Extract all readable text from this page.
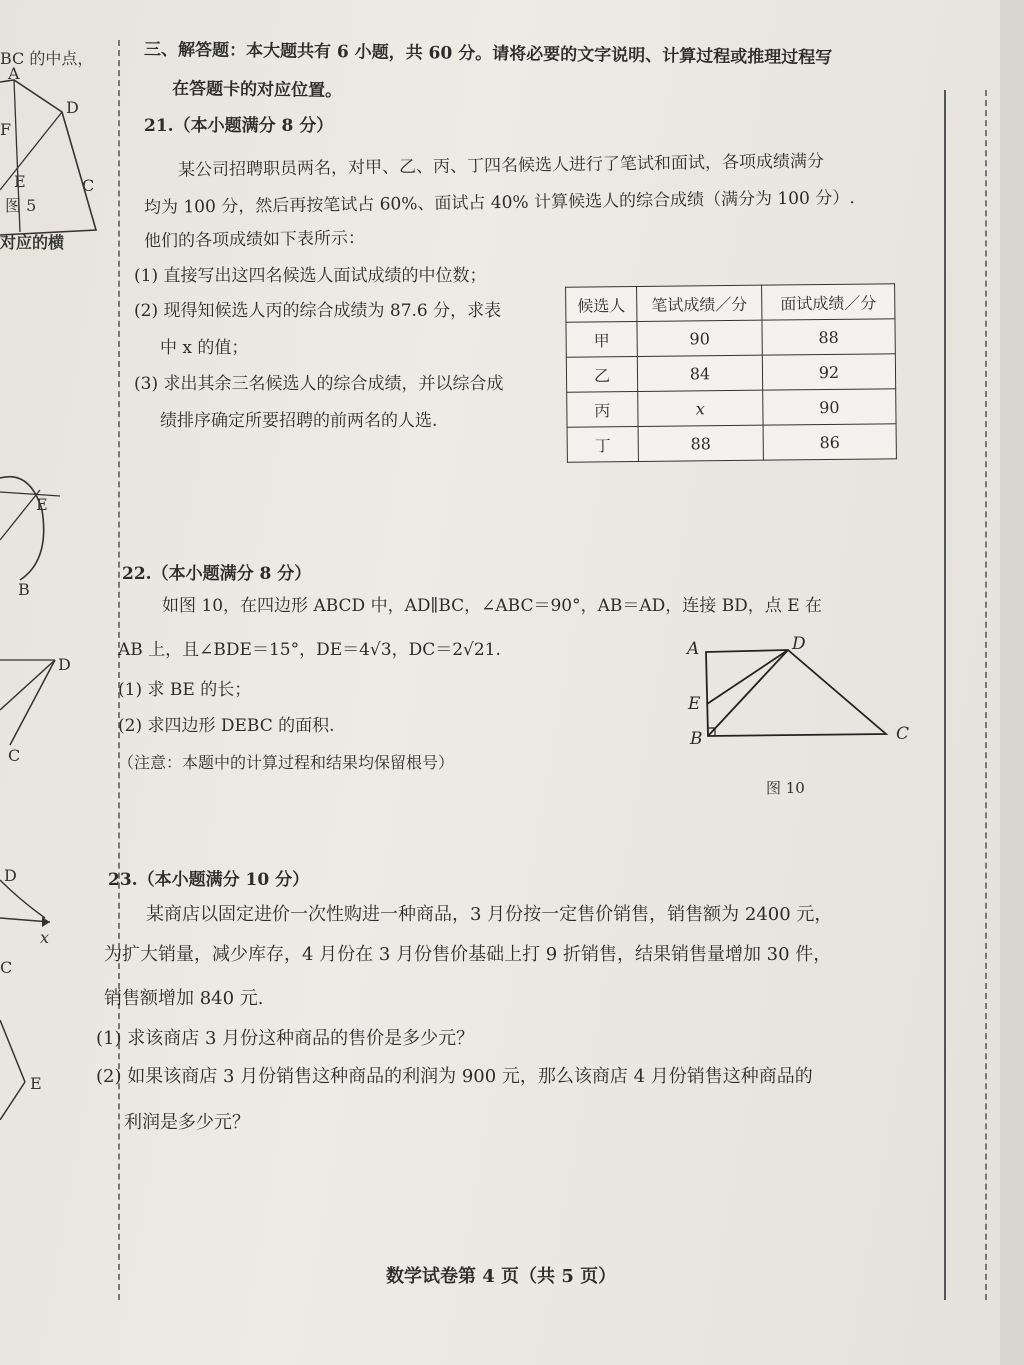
BC 的中点，
A
D
F
E	C
图 5
对应的横
E
B
D
C
D
x
C
E
三、解答题：本大题共有 6 小题，共 60 分。请将必要的文字说明、计算过程或推理过程写
在答题卡的对应位置。
21.（本小题满分 8 分）
某公司招聘职员两名，对甲、乙、丙、丁四名候选人进行了笔试和面试，各项成绩满分
均为 100 分，然后再按笔试占 60%、面试占 40% 计算候选人的综合成绩（满分为 100 分）.
他们的各项成绩如下表所示：
(1) 直接写出这四名候选人面试成绩的中位数；
(2) 现得知候选人丙的综合成绩为 87.6 分，求表
中 x 的值；
(3) 求出其余三名候选人的综合成绩，并以综合成
绩排序确定所要招聘的前两名的人选.
候选人	笔试成绩／分	面试成绩／分
甲	90	88
乙	84	92
丙	x	90
丁	88	86
22.（本小题满分 8 分）
如图 10，在四边形 ABCD 中，AD∥BC，∠ABC＝90°，AB＝AD，连接 BD，点 E 在
AB 上，且∠BDE＝15°，DE＝4√3，DC＝2√21.
(1) 求 BE 的长；
(2) 求四边形 DEBC 的面积.
（注意：本题中的计算过程和结果均保留根号）
A	D
E
B	C
图 10
23.（本小题满分 10 分）
某商店以固定进价一次性购进一种商品，3 月份按一定售价销售，销售额为 2400 元，
为扩大销量，减少库存，4 月份在 3 月份售价基础上打 9 折销售，结果销售量增加 30 件，
销售额增加 840 元.
(1) 求该商店 3 月份这种商品的售价是多少元？
(2) 如果该商店 3 月份销售这种商品的利润为 900 元，那么该商店 4 月份销售这种商品的
利润是多少元？
数学试卷第 4 页（共 5 页）
